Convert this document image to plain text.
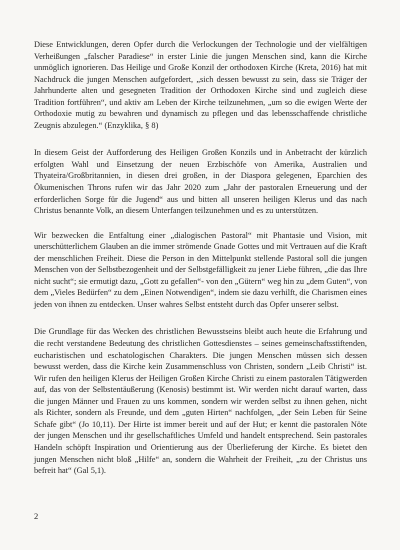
Diese Entwicklungen, deren Opfer durch die Verlockungen der Technologie und der vielfältigen Verheißungen „falscher Paradiese“ in erster Linie die jungen Menschen sind, kann die Kirche unmöglich ignorieren. Das Heilige und Große Konzil der orthodoxen Kirche (Kreta, 2016) hat mit Nachdruck die jungen Menschen aufgefordert, „sich dessen bewusst zu sein, dass sie Träger der Jahrhunderte alten und gesegneten Tradition der Orthodoxen Kirche sind und zugleich diese Tradition fortführen“, und aktiv am Leben der Kirche teilzunehmen, „um so die ewigen Werte der Orthodoxie mutig zu bewahren und dynamisch zu pflegen und das lebensschaffende christliche Zeugnis abzulegen.“ (Enzyklika, § 8)

In diesem Geist der Aufforderung des Heiligen Großen Konzils und in Anbetracht der kürzlich erfolgten Wahl und Einsetzung der neuen Erzbischöfe von Amerika, Australien und Thyateira/Großbritannien, in diesen drei großen, in der Diaspora gelegenen, Eparchien des Ökumenischen Throns rufen wir das Jahr 2020 zum „Jahr der pastoralen Erneuerung und der erforderlichen Sorge für die Jugend“ aus und bitten all unseren heiligen Klerus und das nach Christus benannte Volk, an diesem Unterfangen teilzunehmen und es zu unterstützen.

Wir bezwecken die Entfaltung einer „dialogischen Pastoral“ mit Phantasie und Vision, mit unerschütterlichem Glauben an die immer strömende Gnade Gottes und mit Vertrauen auf die Kraft der menschlichen Freiheit. Diese die Person in den Mittelpunkt stellende Pastoral soll die jungen Menschen von der Selbstbezogenheit und der Selbstgefälligkeit zu jener Liebe führen, „die das Ihre nicht sucht“; sie ermutigt dazu, „Gott zu gefallen“- von den „Gütern“ weg hin zu „dem Guten“, von dem „Vieles Bedürfen“ zu dem „Einen Notwendigen“, indem sie dazu verhilft, die Charismen eines jeden von ihnen zu entdecken. Unser wahres Selbst entsteht durch das Opfer unserer selbst.

Die Grundlage für das Wecken des christlichen Bewusstseins bleibt auch heute die Erfahrung und die recht verstandene Bedeutung des christlichen Gottesdienstes – seines gemeinschaftsstiftenden, eucharistischen und eschatologischen Charakters. Die jungen Menschen müssen sich dessen bewusst werden, dass die Kirche kein Zusammenschluss von Christen, sondern „Leib Christi“ ist. Wir rufen den heiligen Klerus der Heiligen Großen Kirche Christi zu einem pastoralen Tätigwerden auf, das von der Selbstentäußerung (Kenosis) bestimmt ist. Wir werden nicht darauf warten, dass die jungen Männer und Frauen zu uns kommen, sondern wir werden selbst zu ihnen gehen, nicht als Richter, sondern als Freunde, und dem „guten Hirten“ nachfolgen, „der Sein Leben für Seine Schafe gibt“ (Jo 10,11). Der Hirte ist immer bereit und auf der Hut; er kennt die pastoralen Nöte der jungen Menschen und ihr gesellschaftliches Umfeld und handelt entsprechend. Sein pastorales Handeln schöpft Inspiration und Orientierung aus der Überlieferung der Kirche. Es bietet den jungen Menschen nicht bloß „Hilfe“ an, sondern die Wahrheit der Freiheit, „zu der Christus uns befreit hat“ (Gal 5,1).

2
